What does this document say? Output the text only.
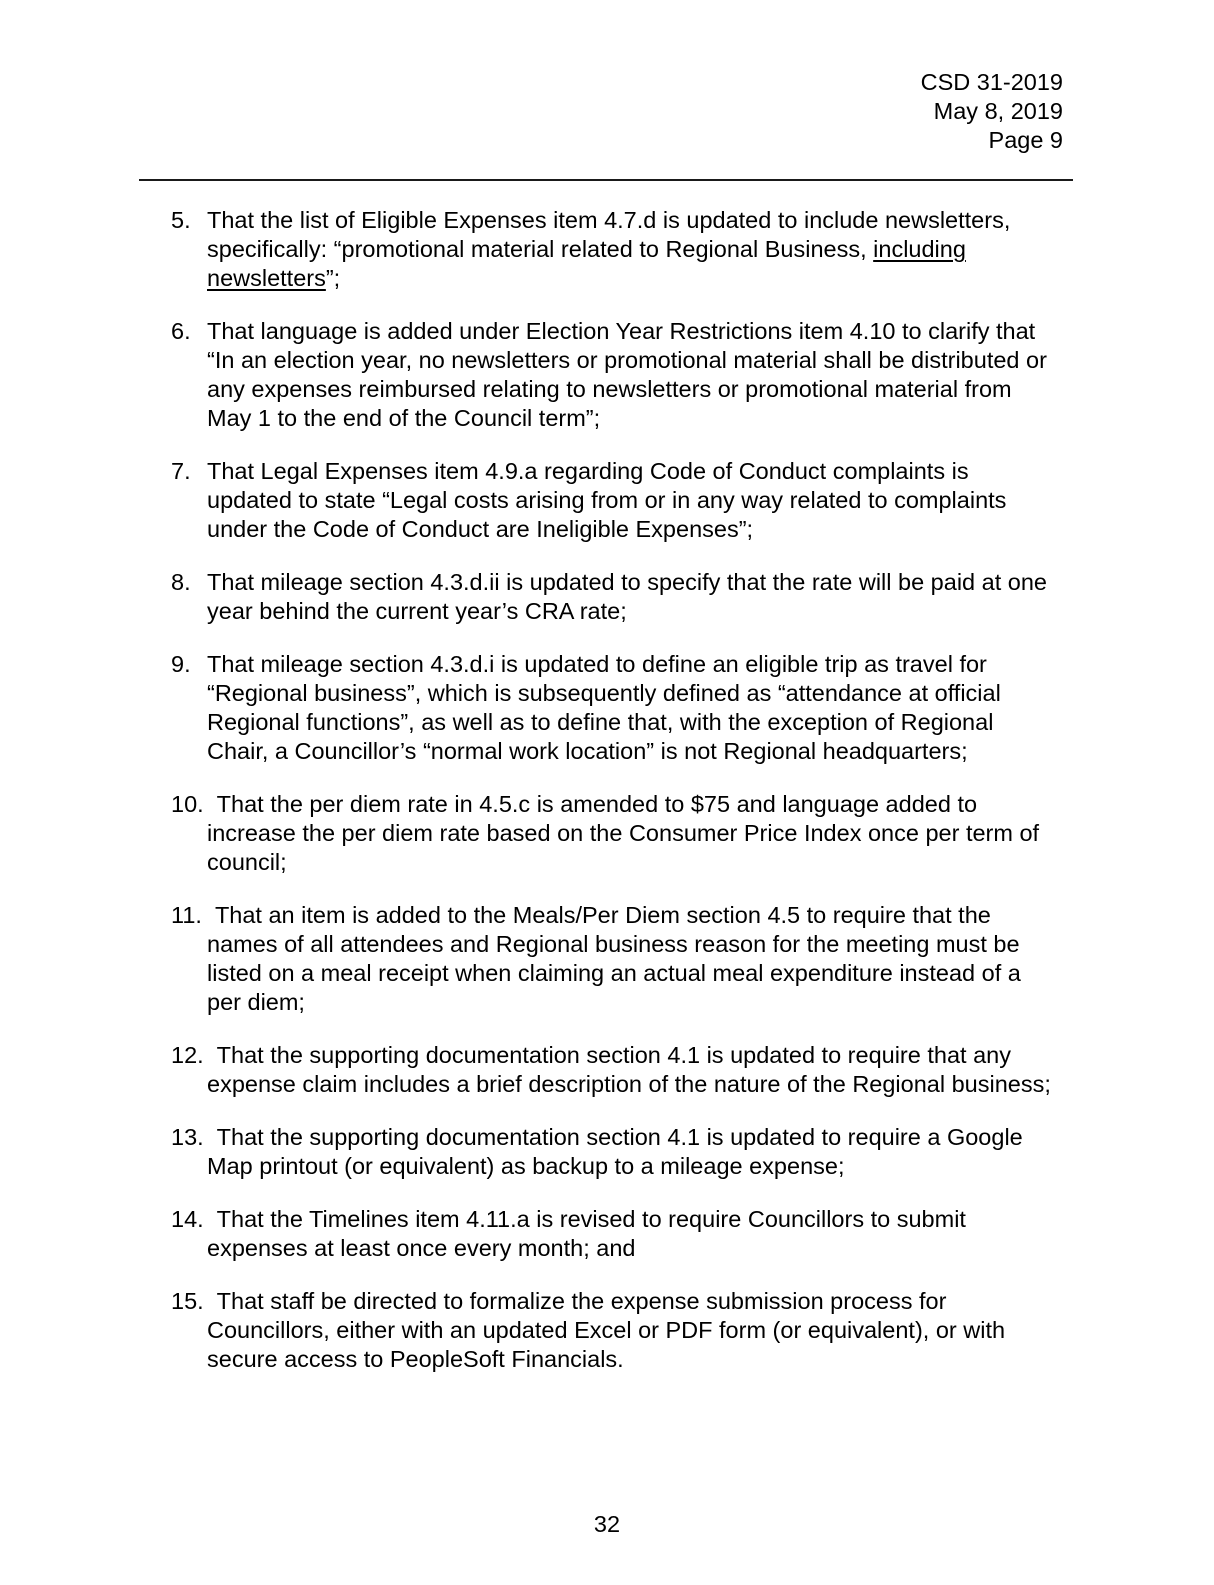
CSD 31-2019
May 8, 2019
Page 9
5. That the list of Eligible Expenses item 4.7.d is updated to include newsletters,
specifically: “promotional material related to Regional Business, including
newsletters”;
6. That language is added under Election Year Restrictions item 4.10 to clarify that
“In an election year, no newsletters or promotional material shall be distributed or
any expenses reimbursed relating to newsletters or promotional material from
May 1 to the end of the Council term”;
7. That Legal Expenses item 4.9.a regarding Code of Conduct complaints is
updated to state “Legal costs arising from or in any way related to complaints
under the Code of Conduct are Ineligible Expenses”;
8. That mileage section 4.3.d.ii is updated to specify that the rate will be paid at one
year behind the current year’s CRA rate;
9. That mileage section 4.3.d.i is updated to define an eligible trip as travel for
“Regional business”, which is subsequently defined as “attendance at official
Regional functions”, as well as to define that, with the exception of Regional
Chair, a Councillor’s “normal work location” is not Regional headquarters;
10. That the per diem rate in 4.5.c is amended to $75 and language added to
increase the per diem rate based on the Consumer Price Index once per term of
council;
11. That an item is added to the Meals/Per Diem section 4.5 to require that the
names of all attendees and Regional business reason for the meeting must be
listed on a meal receipt when claiming an actual meal expenditure instead of a
per diem;
12. That the supporting documentation section 4.1 is updated to require that any
expense claim includes a brief description of the nature of the Regional business;
13. That the supporting documentation section 4.1 is updated to require a Google
Map printout (or equivalent) as backup to a mileage expense;
14. That the Timelines item 4.11.a is revised to require Councillors to submit
expenses at least once every month; and
15. That staff be directed to formalize the expense submission process for
Councillors, either with an updated Excel or PDF form (or equivalent), or with
secure access to PeopleSoft Financials.
32
